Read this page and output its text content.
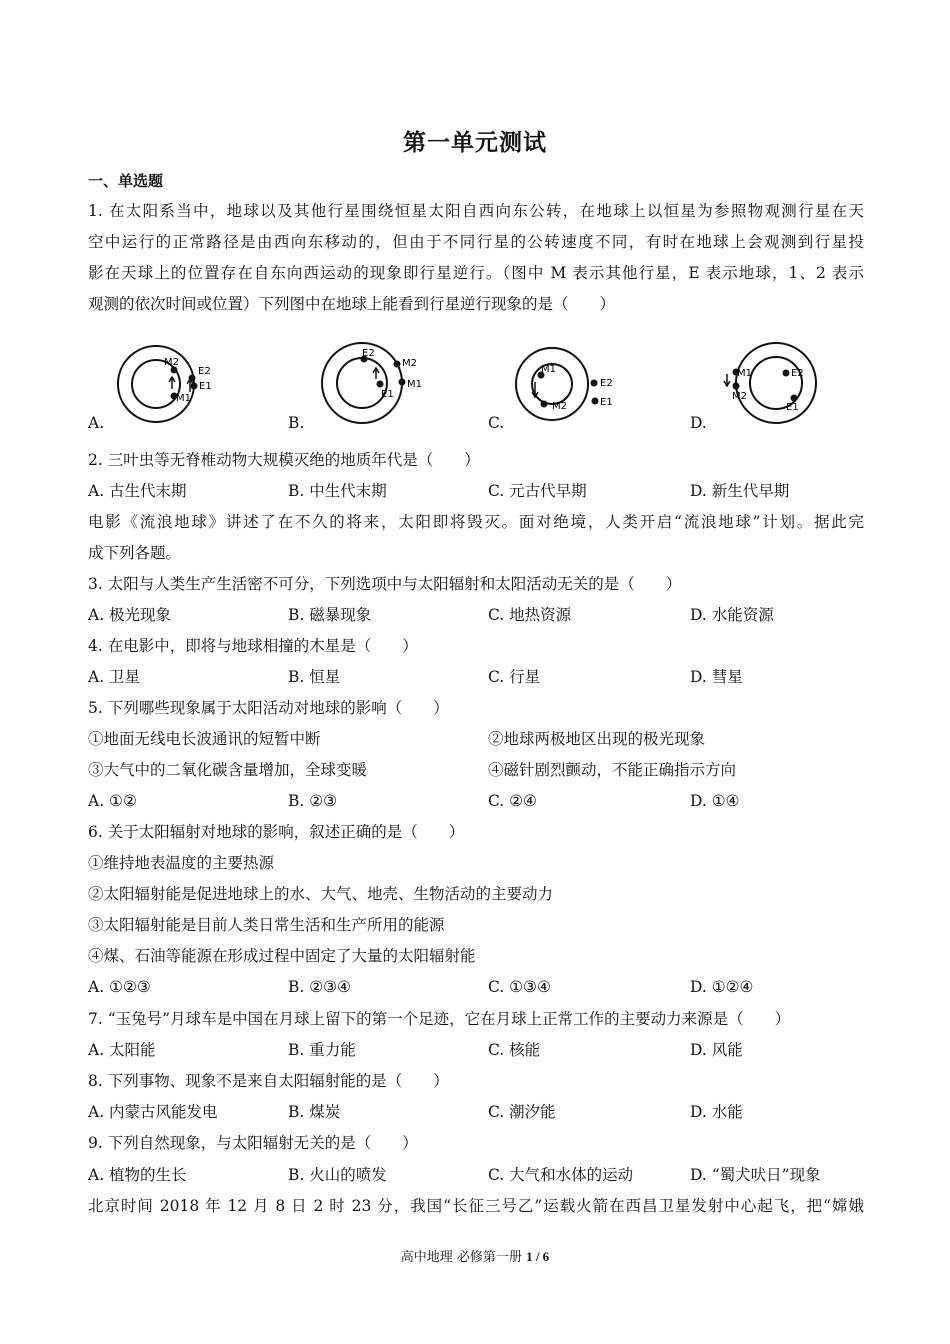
第一单元测试
一、单选题
1. 在太阳系当中，地球以及其他行星围绕恒星太阳自西向东公转，在地球上以恒星为参照物观测行星在天
空中运行的正常路径是由西向东移动的，但由于不同行星的公转速度不同，有时在地球上会观测到行星投
影在天球上的位置存在自东向西运动的现象即行星逆行。（图中 M 表示其他行星，E 表示地球，1、2 表示
观测的依次时间或位置）下列图中在地球上能看到行星逆行现象的是（　　）
M2
M1
E2
E1
A.
E2
E1
M2
M1
B.
M1
M2
E2
E1
C.
M1
M2
E2
E1
D.
2. 三叶虫等无脊椎动物大规模灭绝的地质年代是（　　）
A. 古生代末期	B. 中生代末期	C. 元古代早期	D. 新生代早期
电影《流浪地球》讲述了在不久的将来，太阳即将毁灭。面对绝境，人类开启“流浪地球”计划。据此完
成下列各题。
3. 太阳与人类生产生活密不可分，下列选项中与太阳辐射和太阳活动无关的是（　　）
A. 极光现象	B. 磁暴现象	C. 地热资源	D. 水能资源
4. 在电影中，即将与地球相撞的木星是（　　）
A. 卫星	B. 恒星	C. 行星	D. 彗星
5. 下列哪些现象属于太阳活动对地球的影响（　　）
①地面无线电长波通讯的短暂中断	②地球两极地区出现的极光现象
③大气中的二氧化碳含量增加，全球变暖	④磁针剧烈颤动，不能正确指示方向
A. ①②	B. ②③	C. ②④	D. ①④
6. 关于太阳辐射对地球的影响，叙述正确的是（　　）
①维持地表温度的主要热源
②太阳辐射能是促进地球上的水、大气、地壳、生物活动的主要动力
③太阳辐射能是目前人类日常生活和生产所用的能源
④煤、石油等能源在形成过程中固定了大量的太阳辐射能
A. ①②③	B. ②③④	C. ①③④	D. ①②④
7. “玉兔号”月球车是中国在月球上留下的第一个足迹，它在月球上正常工作的主要动力来源是（　　）
A. 太阳能	B. 重力能	C. 核能	D. 风能
8. 下列事物、现象不是来自太阳辐射能的是（　　）
A. 内蒙古风能发电	B. 煤炭	C. 潮汐能	D. 水能
9. 下列自然现象，与太阳辐射无关的是（　　）
A. 植物的生长	B. 火山的喷发	C. 大气和水体的运动	D. “蜀犬吠日”现象
北京时间 2018 年 12 月 8 日 2 时 23 分，我国“长征三号乙”运载火箭在西昌卫星发射中心起飞，把“嫦娥
高中地理 必修第一册 1 / 6
